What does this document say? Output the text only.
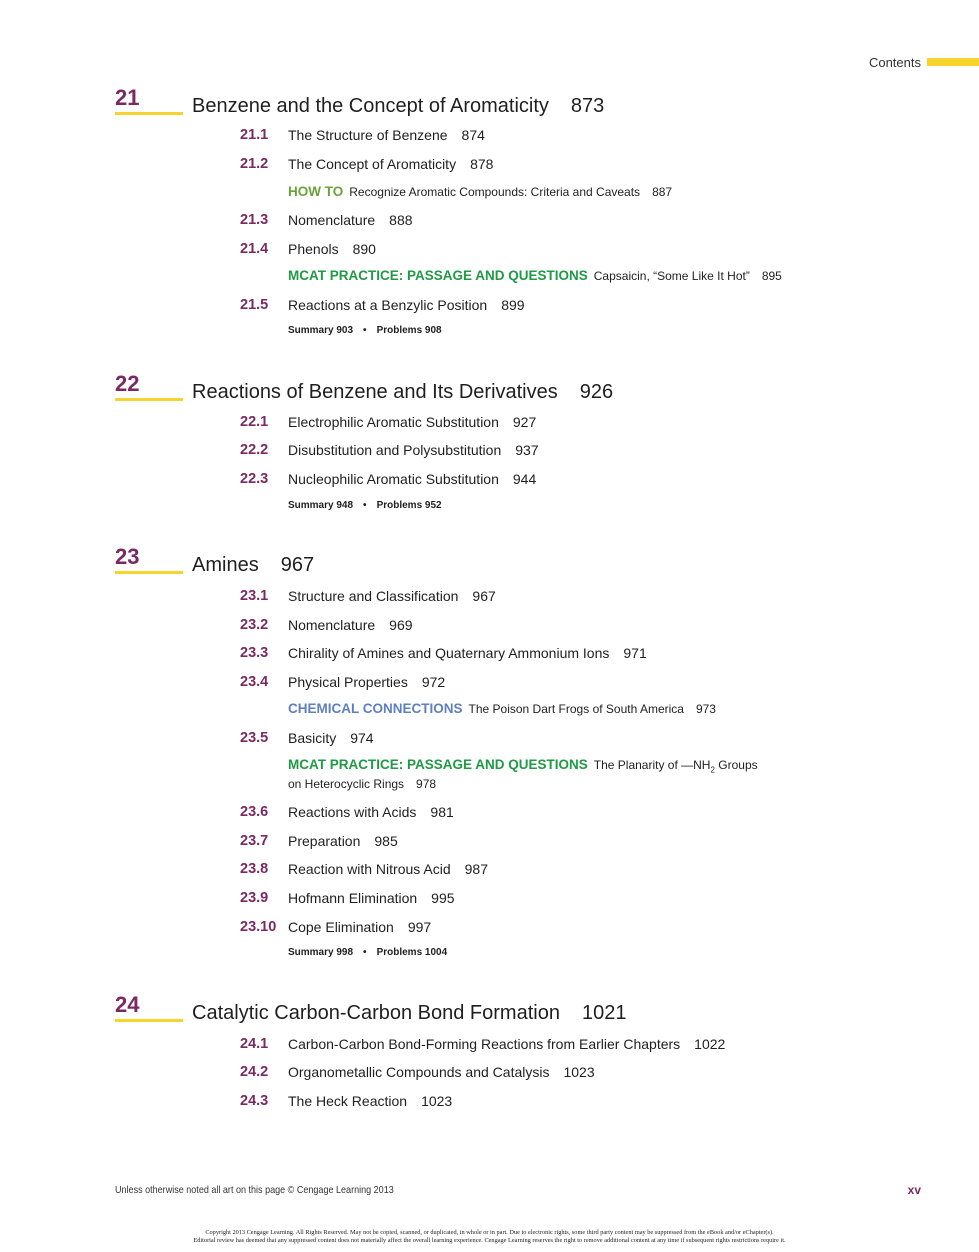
Contents
21	Benzene and the Concept of Aromaticity 873
21.1 The Structure of Benzene 874
21.2 The Concept of Aromaticity 878
HOW TO Recognize Aromatic Compounds: Criteria and Caveats 887
21.3 Nomenclature 888
21.4 Phenols 890
MCAT PRACTICE: PASSAGE AND QUESTIONS Capsaicin, “Some Like It Hot” 895
21.5 Reactions at a Benzylic Position 899
Summary 903 • Problems 908
22	Reactions of Benzene and Its Derivatives 926
22.1 Electrophilic Aromatic Substitution 927
22.2 Disubstitution and Polysubstitution 937
22.3 Nucleophilic Aromatic Substitution 944
Summary 948 • Problems 952
23	Amines 967
23.1 Structure and Classification 967
23.2 Nomenclature 969
23.3 Chirality of Amines and Quaternary Ammonium Ions 971
23.4 Physical Properties 972
CHEMICAL CONNECTIONS The Poison Dart Frogs of South America 973
23.5 Basicity 974
MCAT PRACTICE: PASSAGE AND QUESTIONS The Planarity of $—NH_2$ Groups
on Heterocyclic Rings 978
23.6 Reactions with Acids 981
23.7 Preparation 985
23.8 Reaction with Nitrous Acid 987
23.9 Hofmann Elimination 995
23.10 Cope Elimination 997
Summary 998 • Problems 1004
24	Catalytic Carbon-Carbon Bond Formation 1021
24.1 Carbon-Carbon Bond-Forming Reactions from Earlier Chapters 1022
24.2 Organometallic Compounds and Catalysis 1023
24.3 The Heck Reaction 1023
Unless otherwise noted all art on this page © Cengage Learning 2013	xv
Copyright 2013 Cengage Learning. All Rights Reserved. May not be copied, scanned, or duplicated, in whole or in part. Due to electronic rights, some third party content may be suppressed from the eBook and/or eChapter(s).
Editorial review has deemed that any suppressed content does not materially affect the overall learning experience. Cengage Learning reserves the right to remove additional content at any time if subsequent rights restrictions require it.
